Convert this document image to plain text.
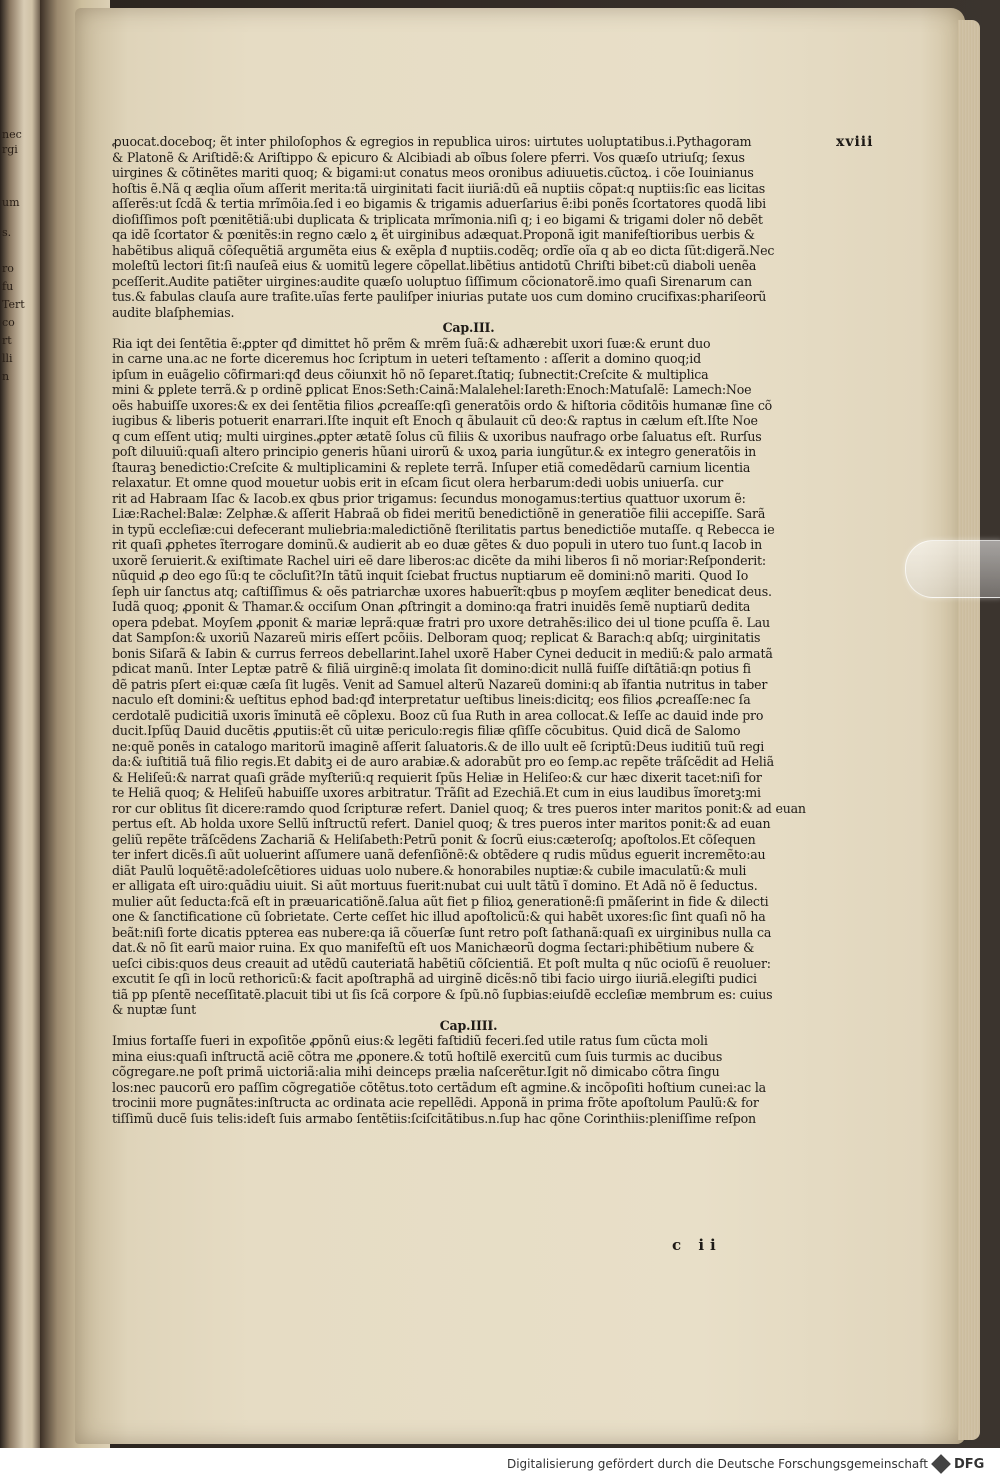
nec
rgi
um
s.
ro
fu
Tert
co
rt
lli
n
xviii
ꝓuocat.doceboq; ẽt inter philoſophos & egregios in republica uiros: uirtutes uoluptatibus.i.Pythagoram
& Platonẽ & Ariſtidẽ:& Ariſtippo & epicuro & Alcibiadi ab oĩbus ſolere pferri. Vos quæſo utriuſq; ſexus
uirgines & cõtinẽtes mariti quoq; & bigami:ut conatus meos oronibus adiuuetis.cũctoꝝ. i cõe Iouinianus
hoſtis ẽ.Nã q æqlia oĩum aſſerit merita:tã uirginitati facit iiuriã:dũ eã nuptiis cõpat:q nuptiis:ſic eas licitas
aſſerẽs:ut ſcdã & tertia mrĩmõia.ſed i eo bigamis & trigamis aduerſarius ẽ:ibi ponẽs ſcortatores quodã libi
dioſiſſimos poſt pœnitẽtiã:ubi duplicata & triplicata mrĩmonia.niſi q; i eo bigami & trigami doler nõ debẽt
qa idẽ ſcortator & pœnitẽs:in regno cælo ꝝ ẽt uirginibus adæquat.Proponã igit manifeſtioribus uerbis &
habẽtibus aliquã cõſequẽtiã argumẽta eius & exẽpla đ nuptiis.codẽq; ordĩe oĩa q ab eo dicta ſũt:digerã.Nec
moleſtũ lectori ſit:ſi nauſeã eius & uomitũ legere cõpellat.libẽtius antidotũ Chriſti bibet:cũ diaboli uenẽa
pceſſerit.Audite patiẽter uirgines:audite quæſo uoluptuo ſiſſimum cõcionatorẽ.imo quaſi Sirenarum can
tus.& fabulas clauſa aure traſite.uĩas ferte pauliſper iniurias putate uos cum domino crucifixas:phariſeorũ
audite blaſphemias.
Cap.III.
Ria iqt dei ſentẽtia ẽ:ꝓpter qđ dimittet hõ prẽm & mrẽm ſuã:& adhærebit uxori ſuæ:& erunt duo
in carne una.ac ne forte diceremus hoc ſcriptum in ueteri teſtamento : aſſerit a domino quoq;id
ipſum in euãgelio cõfirmari:qđ deus cõiunxit hõ nõ ſeparet.ſtatiq; ſubnectit:Creſcite & multiplica
mini & ꝑplete terrã.& p ordinẽ ꝑplicat Enos:Seth:Cainã:Malalehel:Iareth:Enoch:Matuſalẽ: Lamech:Noe
oẽs habuiſſe uxores:& ex dei ſentẽtia filios ꝓcreaſſe:qſi generatõis ordo & hiſtoria cõditõis humanæ ſine cõ
iugibus & liberis potuerit enarrari.Iſte inquit eſt Enoch q ãbulauit cũ deo:& raptus in cælum eſt.Iſte Noe
q cum eſſent utiq; multi uirgines.ꝓpter ætatẽ ſolus cũ filiis & uxoribus naufrago orbe ſaluatus eſt. Rurſus
poſt diluuiũ:quaſi altero principio generis hũani uirorũ & uxoꝝ paria iungũtur.& ex integro generatõis in
ſtauraꝫ benedictio:Creſcite & multiplicamini & replete terrã. Inſuper etiã comedẽdarũ carnium licentia
relaxatur. Et omne quod mouetur uobis erit in eſcam ſicut olera herbarum:dedi uobis uniuerſa. cur
rit ad Habraam Iſac & Iacob.ex qbus prior trigamus: ſecundus monogamus:tertius quattuor uxorum ẽ:
Liæ:Rachel:Balæ: Zelphæ.& aſſerit Habraã ob fidei meritũ benedictiõnẽ in generatiõe filii accepiſſe. Sarã
in typũ eccleſiæ:cui defecerant muliebria:maledictiõnẽ ſterilitatis partus benedictiõe mutaſſe. q Rebecca ie
rit quaſi ꝓphetes ĩterrogare dominũ.& audierit ab eo duæ gẽtes & duo populi in utero tuo ſunt.q Iacob in
uxorẽ ſeruierit.& exiſtimate Rachel uiri eẽ dare liberos:ac dicẽte da mihi liberos ſi nõ moriar:Reſponderit:
nũquid ꝓ deo ego ſũ:q te cõcluſit?In tãtũ inquit ſciebat fructus nuptiarum eẽ domini:nõ mariti. Quod Io
ſeph uir ſanctus atq; caſtiſſimus & oẽs patriarchæ uxores habuerĩt:qbus p moyſem æqliter benedicat deus.
Iudã quoq; ꝓponit & Thamar.& occiſum Onan ꝓſtringit a domino:qa fratri inuidẽs ſemẽ nuptiarũ dedita
opera pdebat. Moyſem ꝓponit & mariæ leprã:quæ fratri pro uxore detrahẽs:ilico dei ul tione pcuſſa ẽ. Lau
dat Sampſon:& uxoriũ Nazareũ miris eſſert pcõiis. Delboram quoq; replicat & Barach:q abſq; uirginitatis
bonis Siſarã & Iabin & currus ferreos debellarint.Iahel uxorẽ Haber Cynei deducit in mediũ:& palo armatã
pdicat manũ. Inter Leptæ patrẽ & filiã uirginẽ:q imolata ſit domino:dicit nullã fuiſſe diſtãtiã:qn potius fi
dẽ patris pſert ei:quæ cæſa ſit lugẽs. Venit ad Samuel alterũ Nazareũ domini:q ab ĩfantia nutritus in taber
naculo eſt domini:& ueſtitus ephod bad:qđ interpretatur ueſtibus lineis:dicitq; eos filios ꝓcreaſſe:nec ſa
cerdotalẽ pudicitiã uxoris ĩminutã eẽ cõplexu. Booz cũ ſua Ruth in area collocat.& Ieſſe ac dauid inde pro
ducit.Ipſũq Dauid ducẽtis ꝓputiis:ẽt cũ uitæ periculo:regis filiæ qſiſſe cõcubitus. Quid dicã de Salomo
ne:quẽ ponẽs in catalogo maritorũ imaginẽ aſſerit ſaluatoris.& de illo uult eẽ ſcriptũ:Deus iuditiũ tuũ regi
da:& iuſtitiã tuã filio regis.Et dabitꝫ ei de auro arabiæ.& adorabũt pro eo ſemp.ac repẽte trãſcẽdit ad Heliã
& Heliſeũ:& narrat quaſi grãde myſteriũ:q requierit ſpũs Heliæ in Heliſeo:& cur hæc dixerit tacet:niſi for
te Heliã quoq; & Heliſeũ habuiſſe uxores arbitratur. Trãſit ad Ezechiã.Et cum in eius laudibus ĩmoretꝫ:mi
ror cur oblitus ſit dicere:ramdo quod ſcripturæ refert. Daniel quoq; & tres pueros inter maritos ponit:& ad euan
pertus eſt. Ab holda uxore Sellũ inſtructũ refert. Daniel quoq; & tres pueros inter maritos ponit:& ad euan
geliũ repẽte trãſcẽdens Zachariã & Heliſabeth:Petrũ ponit & ſocrũ eius:cæteroſq; apoſtolos.Et cõſequen
ter infert dicẽs.ſi aũt uoluerint aſſumere uanã defenſiõnẽ:& obtẽdere q rudis mũdus eguerit incremẽto:au
diãt Paulũ loquẽtẽ:adoleſcẽtiores uiduas uolo nubere.& honorabiles nuptiæ:& cubile imaculatũ:& muli
er alligata eſt uiro:quãdiu uiuit. Si aũt mortuus fuerit:nubat cui uult tãtũ ĩ domino. Et Adã nõ ẽ ſeductus.
mulier aũt ſeducta:fcã eſt in præuaricatiõnẽ.ſalua aũt fiet p filioꝝ generationẽ:ſi pmãſerint in fide & dilecti
one & ſanctificatione cũ ſobrietate. Certe ceſſet hic illud apoſtolicũ:& qui habẽt uxores:ſic ſint quaſi nõ ha
beãt:niſi forte dicatis pptereа eas nubere:qa iã cõuerſæ ſunt retro poſt ſathanã:quaſi ex uirginibus nulla ca
dat.& nõ ſit earũ maior ruina. Ex quo manifeſtũ eſt uos Manichæorũ dogma ſectari:phibẽtium nubere &
ueſci cibis:quos deus creauit ad utẽdũ cauteriatã habẽtiũ cõſcientiã. Et poſt multa q nũc ocioſũ ẽ reuoluer:
excutit ſe qſi in locũ rethoricũ:& facit apoſtraphã ad uirginẽ dicẽs:nõ tibi facio uirgo iiuriã.elegiſti pudici
tiã pp pſentẽ neceſſitatẽ.placuit tibi ut ſis ſcã corpore & ſpũ.nõ ſupbias:eiuſdẽ eccleſiæ membrum es: cuius
& nuptæ ſunt
Cap.IIII.
Imius fortaſſe fueri in expoſitõe ꝓpõnũ eius:& legẽti faſtidiũ feceri.ſed utile ratus ſum cũcta moli
mina eius:quaſi inſtructã aciẽ cõtra me ꝓponere.& totũ hoſtilẽ exercitũ cum ſuis turmis ac ducibus
cõgregare.ne poſt primã uictoriã:alia mihi deinceps prælia naſcerẽtur.Igit nõ dimicabo cõtra ſingu
los:nec paucorũ ero paſſim cõgregatiõe cõtẽtus.toto certãdum eſt agmine.& incõpoſiti hoſtium cunei:ac la
trocinii more pugnãtes:inſtructa ac ordinata acie repellẽdi. Apponã in prima frõte apoſtolum Paulũ:& for
tiſſimũ ducẽ ſuis telis:ideſt ſuis armabo ſentẽtiis:ſciſcitãtibus.n.ſup hac qõne Corinthiis:pleniſſime reſpon
c ii
Digitalisierung gefördert durch die Deutsche Forschungsgemeinschaft DFG
